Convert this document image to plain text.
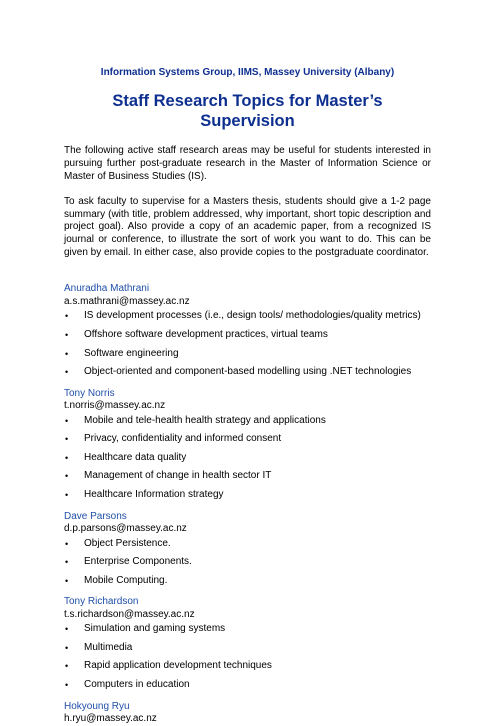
Information Systems Group, IIMS, Massey University (Albany)
Staff Research Topics for Master’s Supervision

The following active staff research areas may be useful for students interested in pursuing further post-graduate research in the Master of Information Science or Master of Business Studies (IS).

To ask faculty to supervise for a Masters thesis, students should give a 1-2 page summary (with title, problem addressed, why important, short topic description and project goal). Also provide a copy of an academic paper, from a recognized IS journal or conference, to illustrate the sort of work you want to do. This can be given by email. In either case, also provide copies to the postgraduate coordinator.

Anuradha Mathrani
a.s.mathrani@massey.ac.nz
• IS development processes (i.e., design tools/ methodologies/quality metrics)
• Offshore software development practices, virtual teams
• Software engineering
• Object-oriented and component-based modelling using .NET technologies
Tony Norris
t.norris@massey.ac.nz
• Mobile and tele-health health strategy and applications
• Privacy, confidentiality and informed consent
• Healthcare data quality
• Management of change in health sector IT
• Healthcare Information strategy
Dave Parsons
d.p.parsons@massey.ac.nz
• Object Persistence.
• Enterprise Components.
• Mobile Computing.
Tony Richardson
t.s.richardson@massey.ac.nz
• Simulation and gaming systems
• Multimedia
• Rapid application development techniques
• Computers in education
Hokyoung Ryu
h.ryu@massey.ac.nz
